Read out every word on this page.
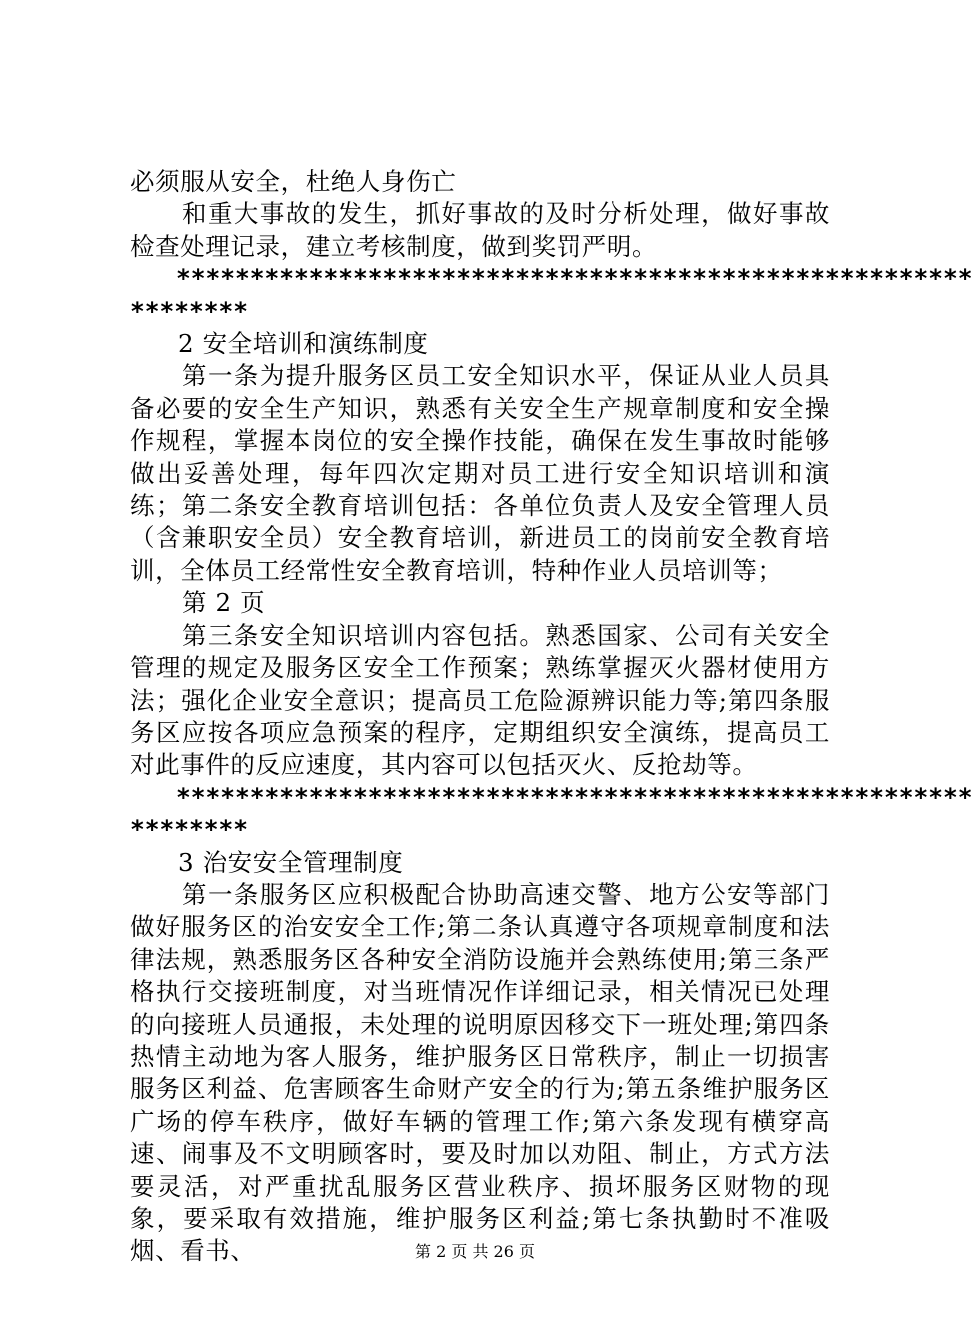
必须服从安全，杜绝人身伤亡

和重大事故的发生，抓好事故的及时分析处理，做好事故检查处理记录，建立考核制度，做到奖罚严明。

******************************************************
********

2 安全培训和演练制度

第一条为提升服务区员工安全知识水平，保证从业人员具备必要的安全生产知识，熟悉有关安全生产规章制度和安全操作规程，掌握本岗位的安全操作技能，确保在发生事故时能够做出妥善处理，每年四次定期对员工进行安全知识培训和演练；第二条安全教育培训包括：各单位负责人及安全管理人员（含兼职安全员）安全教育培训，新进员工的岗前安全教育培训，全体员工经常性安全教育培训，特种作业人员培训等；

第 2 页

第三条安全知识培训内容包括。熟悉国家、公司有关安全管理的规定及服务区安全工作预案；熟练掌握灭火器材使用方法；强化企业安全意识；提高员工危险源辨识能力等;第四条服务区应按各项应急预案的程序，定期组织安全演练，提高员工对此事件的反应速度，其内容可以包括灭火、反抢劫等。

******************************************************
********

3 治安安全管理制度

第一条服务区应积极配合协助高速交警、地方公安等部门做好服务区的治安安全工作;第二条认真遵守各项规章制度和法律法规，熟悉服务区各种安全消防设施并会熟练使用;第三条严格执行交接班制度，对当班情况作详细记录，相关情况已处理的向接班人员通报，未处理的说明原因移交下一班处理;第四条热情主动地为客人服务，维护服务区日常秩序，制止一切损害服务区利益、危害顾客生命财产安全的行为;第五条维护服务区广场的停车秩序，做好车辆的管理工作;第六条发现有横穿高速、闹事及不文明顾客时，要及时加以劝阻、制止，方式方法要灵活，对严重扰乱服务区营业秩序、损坏服务区财物的现象，要采取有效措施，维护服务区利益;第七条执勤时不准吸烟、看书、	第 2 页 共 26 页
